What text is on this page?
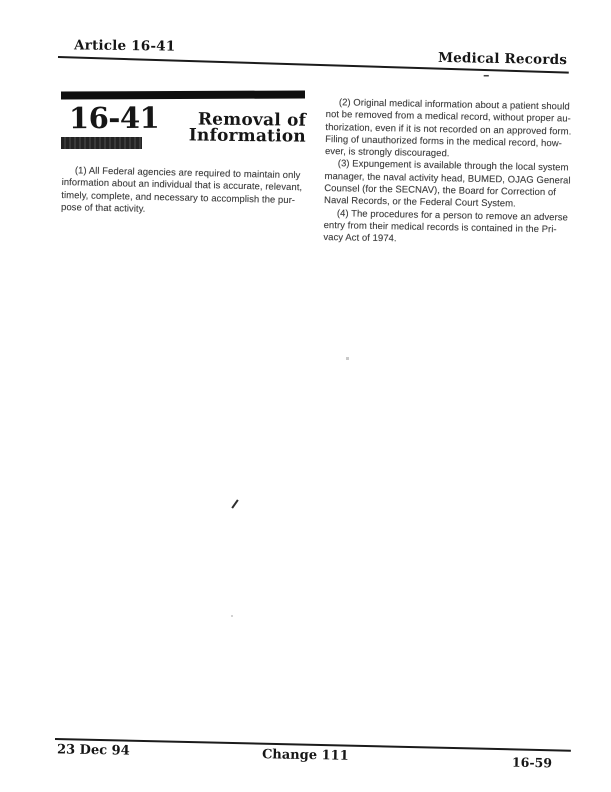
Article 16-41
Medical Records
–
16-41	Removal of
Information

(1) All Federal agencies are required to maintain only
information about an individual that is accurate, relevant,
timely, complete, and necessary to accomplish the pur-
pose of that activity.

(2) Original medical information about a patient should
not be removed from a medical record, without proper au-
thorization, even if it is not recorded on an approved form.
Filing of unauthorized forms in the medical record, how-
ever, is strongly discouraged.

(3) Expungement is available through the local system
manager, the naval activity head, BUMED, OJAG General
Counsel (for the SECNAV), the Board for Correction of
Naval Records, or the Federal Court System.

(4) The procedures for a person to remove an adverse
entry from their medical records is contained in the Pri-
vacy Act of 1974.

23 Dec 94	Change 111	16-59
